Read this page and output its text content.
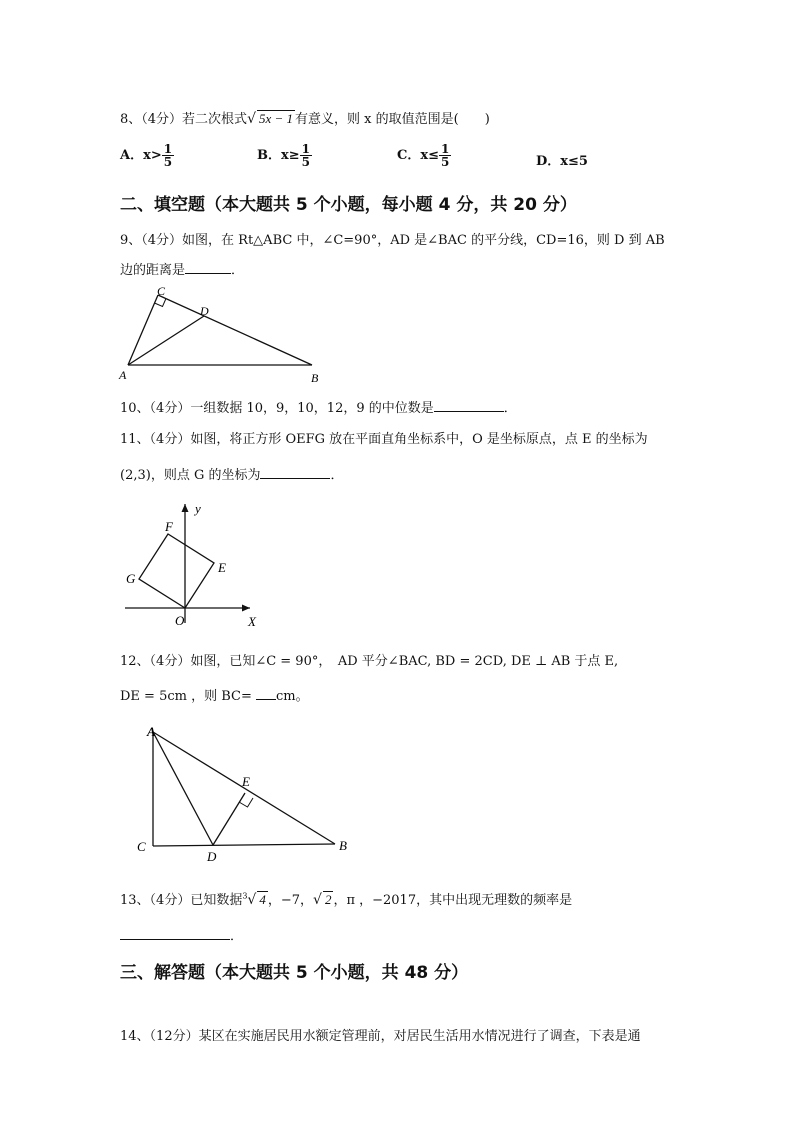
8、（4分）若二次根式√ 5x − 1 有意义，则 x 的取值范围是(　　)
A．$x> \frac{1}{5}$	B．$x\ge \frac{1}{5}$	C．$x\le \frac{1}{5}$	D．x≤5
二、填空题（本大题共 5 个小题，每小题 4 分，共 20 分）
9、（4分）如图，在 Rt△ABC 中，∠C=90°，AD 是∠BAC 的平分线，CD=16，则 D 到 AB
边的距离是	．
C
D
A	B
10、（4分）一组数据 10，9，10，12，9 的中位数是	．
11、（4分）如图，将正方形 OEFG 放在平面直角坐标系中，O 是坐标原点，点 E 的坐标为
(2,3)，则点 G 的坐标为	．
y
F
E
G
O	X
12、（4分）如图，已知∠C = 90°，　AD 平分∠BAC, BD = 2CD, DE ⊥ AB 于点 E,
DE = 5cm ，则 BC= cm。
A
E
C
D
B
13、（4分）已知数据$^3$√ 4 ，−7，√ 2 ，π ，−2017，其中出现无理数的频率是
．
三、解答题（本大题共 5 个小题，共 48 分）
14、（12分）某区在实施居民用水额定管理前，对居民生活用水情况进行了调查，下表是通
